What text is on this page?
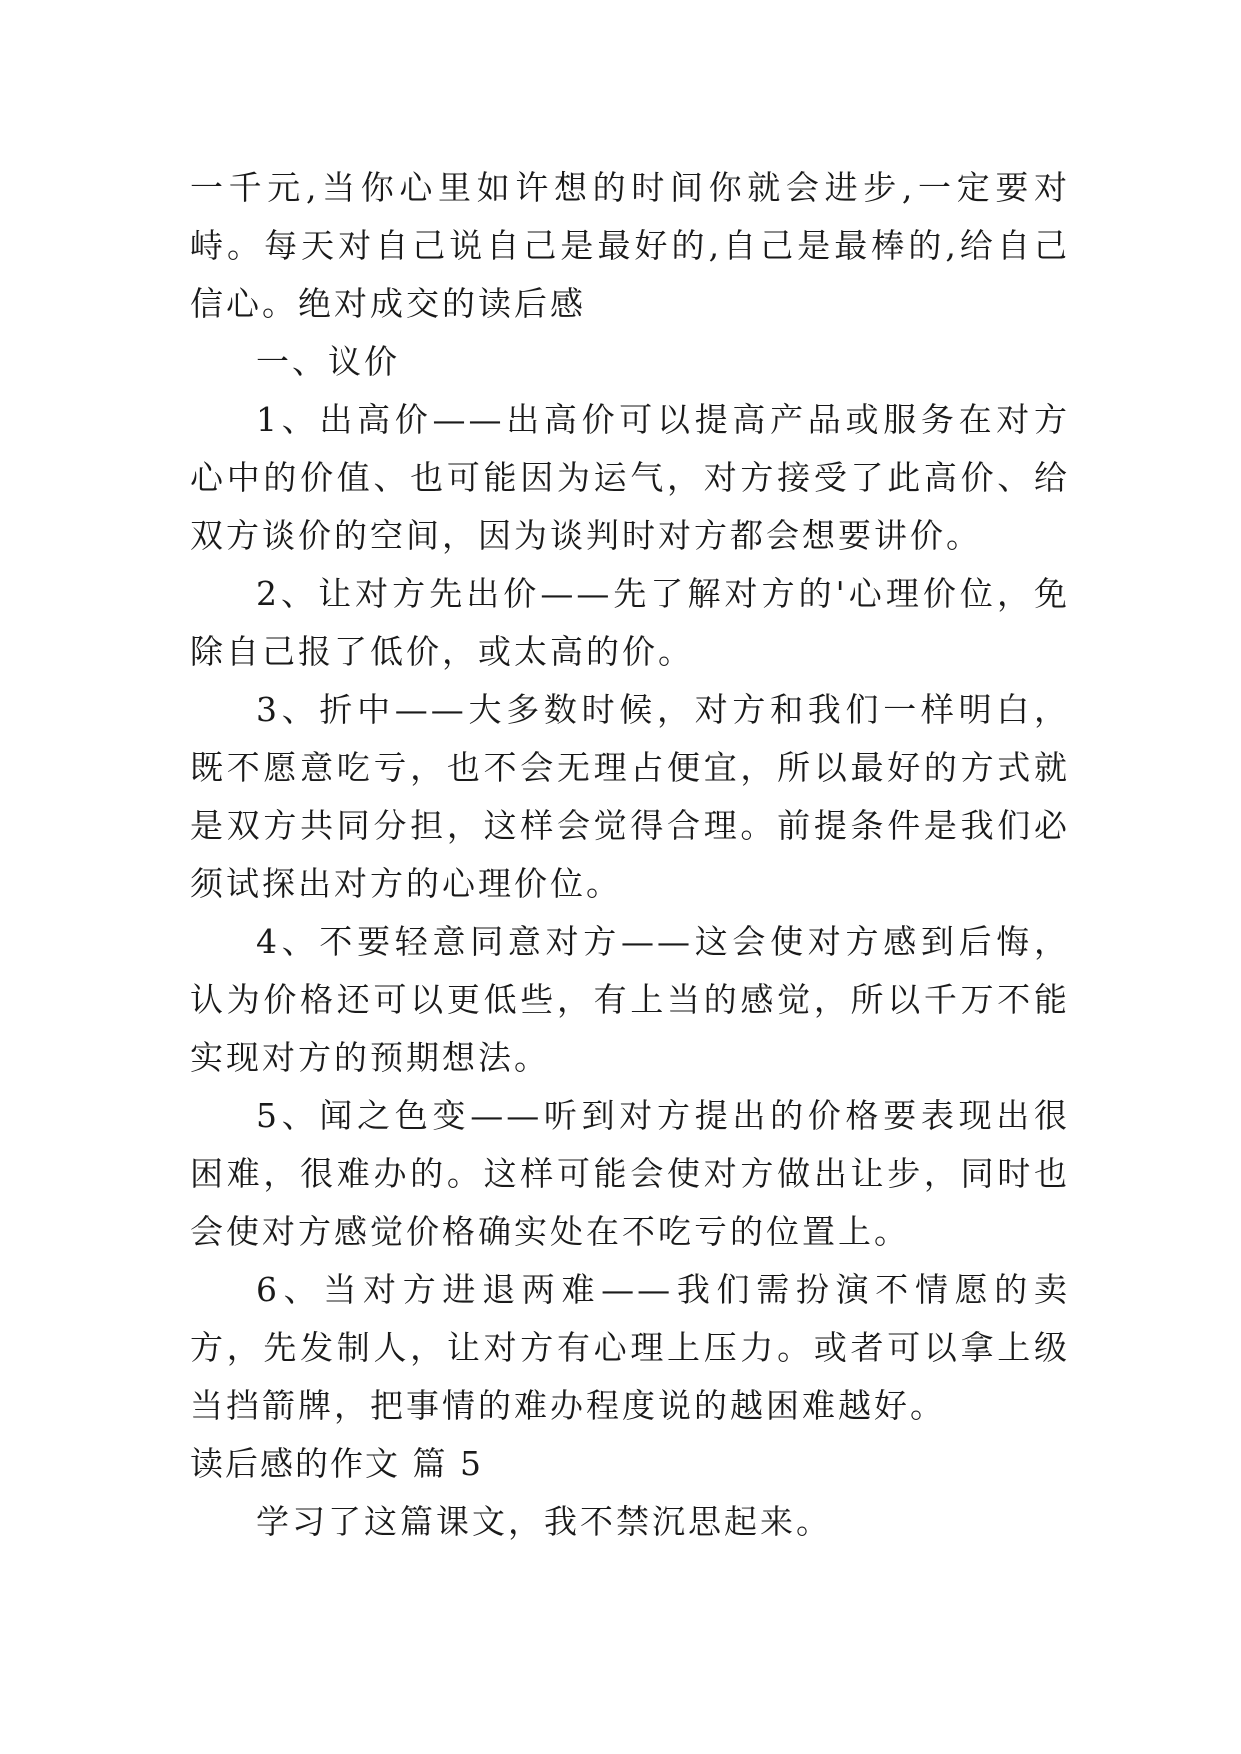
一千元,当你心里如许想的时间你就会进步,一定要对峙。每天对自己说自己是最好的,自己是最棒的,给自己信心。绝对成交的读后感

一、议价

1、出高价——出高价可以提高产品或服务在对方心中的价值、也可能因为运气，对方接受了此高价、给双方谈价的空间，因为谈判时对方都会想要讲价。

2、让对方先出价——先了解对方的'心理价位，免除自己报了低价，或太高的价。

3、折中——大多数时候，对方和我们一样明白，既不愿意吃亏，也不会无理占便宜，所以最好的方式就是双方共同分担，这样会觉得合理。前提条件是我们必须试探出对方的心理价位。

4、不要轻意同意对方——这会使对方感到后悔，认为价格还可以更低些，有上当的感觉，所以千万不能实现对方的预期想法。

5、闻之色变——听到对方提出的价格要表现出很困难，很难办的。这样可能会使对方做出让步，同时也会使对方感觉价格确实处在不吃亏的位置上。

6、当对方进退两难——我们需扮演不情愿的卖方，先发制人，让对方有心理上压力。或者可以拿上级当挡箭牌，把事情的难办程度说的越困难越好。

读后感的作文 篇 5

学习了这篇课文，我不禁沉思起来。
